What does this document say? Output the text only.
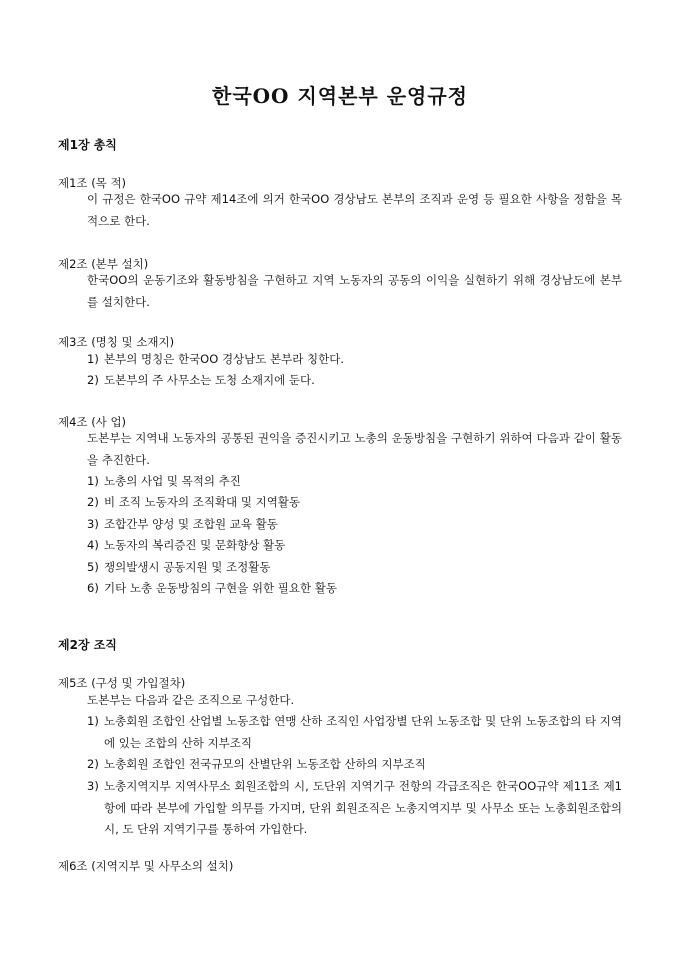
한국OO 지역본부 운영규정
제1장 총칙
제1조 (목 적)
이 규정은 한국OO 규약 제14조에 의거 한국OO 경상남도 본부의 조직과 운영 등 필요한 사항을 정함을 목적으로 한다.
제2조 (본부 설치)
한국OO의 운동기조와 활동방침을 구현하고 지역 노동자의 공동의 이익을 실현하기 위해 경상남도에 본부를 설치한다.
제3조 (명칭 및 소재지)
1) 본부의 명칭은 한국OO 경상남도 본부라 칭한다.
2) 도본부의 주 사무소는 도청 소재지에 둔다.
제4조 (사 업)
도본부는 지역내 노동자의 공통된 권익을 증진시키고 노총의 운동방침을 구현하기 위하여 다음과 같이 활동을 추진한다.
1) 노총의 사업 및 목적의 추진
2) 비 조직 노동자의 조직확대 및 지역활동
3) 조합간부 양성 및 조합원 교육 활동
4) 노동자의 복리증진 및 문화향상 활동
5) 쟁의발생시 공동지원 및 조정활동
6) 기타 노총 운동방침의 구현을 위한 필요한 활동
제2장 조직
제5조 (구성 및 가입절차)
도본부는 다음과 같은 조직으로 구성한다.
1) 노총회원 조합인 산업별 노동조합 연맹 산하 조직인 사업장별 단위 노동조합 및 단위 노동조합의 타 지역에 있는 조합의 산하 지부조직
2) 노총회원 조합인 전국규모의 산별단위 노동조합 산하의 지부조직
3) 노총지역지부 지역사무소 회원조합의 시, 도단위 지역기구 전항의 각급조직은 한국OO규약 제11조 제1항에 따라 본부에 가입할 의무를 가지며, 단위 회원조직은 노총지역지부 및 사무소 또는 노총회원조합의 시, 도 단위 지역기구를 통하여 가입한다.
제6조 (지역지부 및 사무소의 설치)
